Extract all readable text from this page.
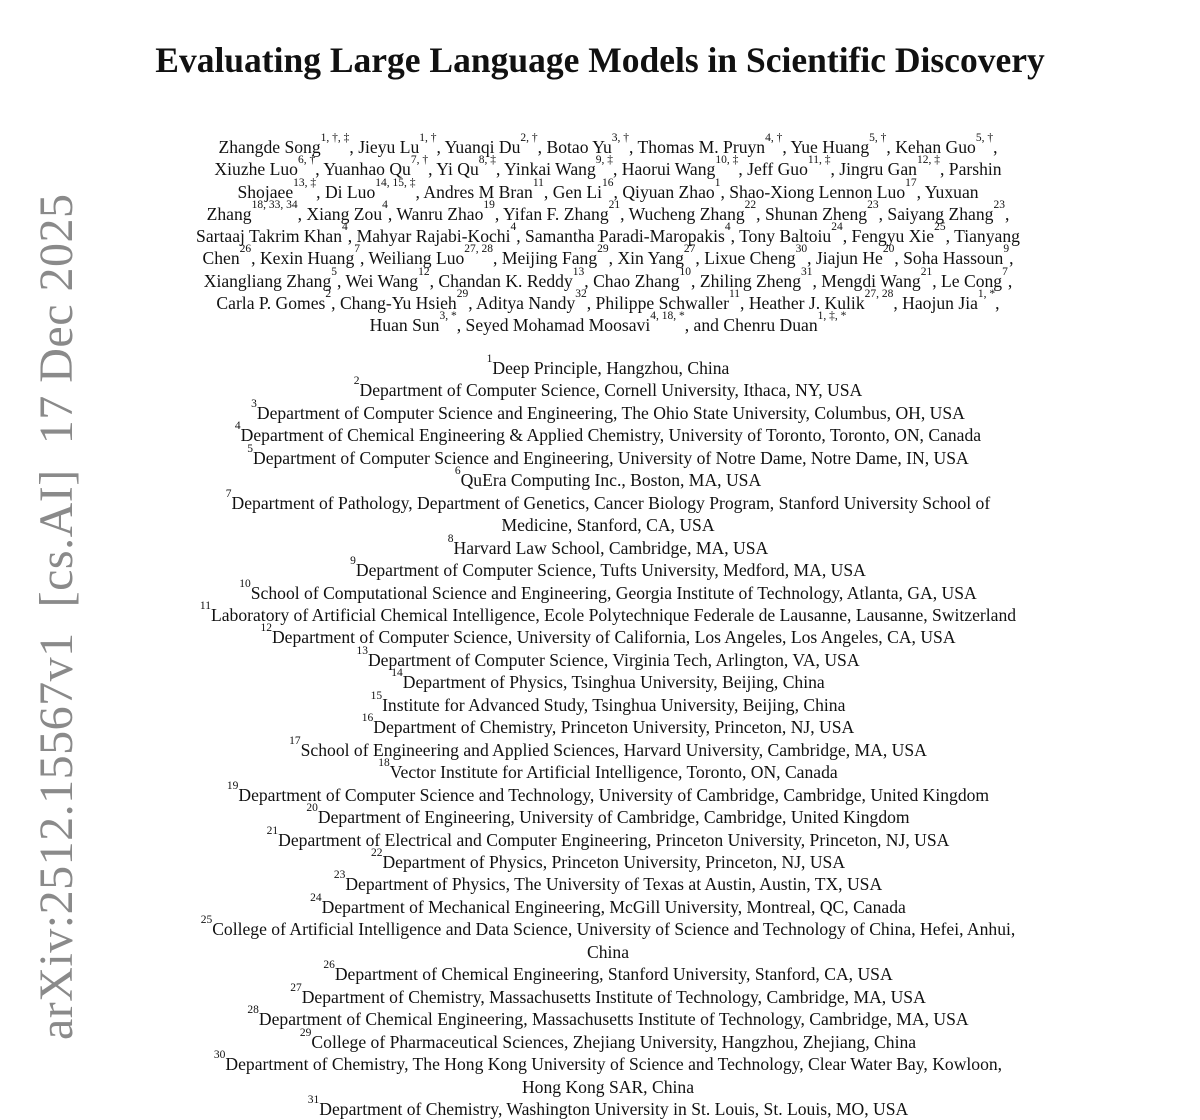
arXiv:2512.15567v1  [cs.AI]  17 Dec 2025
Evaluating Large Language Models in Scientific Discovery
Zhangde Song$^{1, \dagger, \ddagger}$, Jieyu $Lu^{1, \dagger}$, Yuanqi $Du^{2, \dagger}$, Botao $Yu^{3, \dagger}$, Thomas M. Pruyn$^{4, \dagger}$, Yue Huang$^{5, \dagger}$, Kehan Guo$^{5, \dagger}$,
Xiuzhe Luo$^{6, \dagger}$, Yuanhao $Qu^{7, \dagger}$, Yi $Qu^{8, \ddagger}$, Yinkai Wang$^{9, \ddagger}$, Haorui Wang$^{10, \ddagger}$, Jeff Guo$^{11, \ddagger}$, Jingru Gan$^{12, \ddagger}$, Parshin
Shojaee$^{13, \ddagger}$, Di Luo$^{14, 15, \ddagger}$, Andres M Bran$^{11}$, Gen Li$^{16}$, Qiyuan Zhao$^1$, Shao-Xiong Lennon Luo$^{17}$, Yuxuan
Zhang$^{18, 33, 34}$, Xiang Zou$^4$, Wanru Zhao$^{19}$, Yifan F. Zhang$^{21}$, Wucheng Zhang$^{22}$, Shunan Zheng$^{23}$, Saiyang Zhang$^{23}$,
Sartaaj Takrim Khan$^4$, Mahyar Rajabi-Kochi$^4$, Samantha Paradi-Maropakis$^4$, Tony Baltoiu$^{24}$, Fengyu Xie$^{25}$, Tianyang
Chen$^{26}$, Kexin Huang$^7$, Weiliang Luo$^{27, 28}$, Meijing Fang$^{29}$, Xin Yang$^{27}$, Lixue Cheng$^{30}$, Jiajun He$^{20}$, Soha Hassoun$^9$,
Xiangliang Zhang$^5$, Wei Wang$^{12}$, Chandan K. Reddy$^{13}$, Chao Zhang$^{10}$, Zhiling Zheng$^{31}$, Mengdi Wang$^{21}$, Le Cong$^7$,
Carla P. Gomes$^2$, Chang-Yu Hsieh$^{29}$, Aditya Nandy$^{32}$, Philippe Schwaller$^{11}$, Heather J. Kulik$^{27, 28}$, Haojun Jia$^{1, *}$,
Huan Sun$^{3, *}$, Seyed Mohamad Moosavi$^{4, 18, *}$, and Chenru Duan$^{1, \ddagger, *}$
$^1$Deep Principle, Hangzhou, China
$^2$Department of Computer Science, Cornell University, Ithaca, NY, USA
$^3$Department of Computer Science and Engineering, The Ohio State University, Columbus, OH, USA
$^4$Department of Chemical Engineering & Applied Chemistry, University of Toronto, Toronto, ON, Canada
$^5$Department of Computer Science and Engineering, University of Notre Dame, Notre Dame, IN, USA
$^6$QuEra Computing Inc., Boston, MA, USA
$^7$Department of Pathology, Department of Genetics, Cancer Biology Program, Stanford University School of
Medicine, Stanford, CA, USA
$^8$Harvard Law School, Cambridge, MA, USA
$^9$Department of Computer Science, Tufts University, Medford, MA, USA
$^{10}$School of Computational Science and Engineering, Georgia Institute of Technology, Atlanta, GA, USA
$^{11}$Laboratory of Artificial Chemical Intelligence, Ecole Polytechnique Federale de Lausanne, Lausanne, Switzerland
$^{12}$Department of Computer Science, University of California, Los Angeles, Los Angeles, CA, USA
$^{13}$Department of Computer Science, Virginia Tech, Arlington, VA, USA
$^{14}$Department of Physics, Tsinghua University, Beijing, China
$^{15}$Institute for Advanced Study, Tsinghua University, Beijing, China
$^{16}$Department of Chemistry, Princeton University, Princeton, NJ, USA
$^{17}$School of Engineering and Applied Sciences, Harvard University, Cambridge, MA, USA
$^{18}$Vector Institute for Artificial Intelligence, Toronto, ON, Canada
$^{19}$Department of Computer Science and Technology, University of Cambridge, Cambridge, United Kingdom
$^{20}$Department of Engineering, University of Cambridge, Cambridge, United Kingdom
$^{21}$Department of Electrical and Computer Engineering, Princeton University, Princeton, NJ, USA
$^{22}$Department of Physics, Princeton University, Princeton, NJ, USA
$^{23}$Department of Physics, The University of Texas at Austin, Austin, TX, USA
$^{24}$Department of Mechanical Engineering, McGill University, Montreal, QC, Canada
$^{25}$College of Artificial Intelligence and Data Science, University of Science and Technology of China, Hefei, Anhui,
China
$^{26}$Department of Chemical Engineering, Stanford University, Stanford, CA, USA
$^{27}$Department of Chemistry, Massachusetts Institute of Technology, Cambridge, MA, USA
$^{28}$Department of Chemical Engineering, Massachusetts Institute of Technology, Cambridge, MA, USA
$^{29}$College of Pharmaceutical Sciences, Zhejiang University, Hangzhou, Zhejiang, China
$^{30}$Department of Chemistry, The Hong Kong University of Science and Technology, Clear Water Bay, Kowloon,
Hong Kong SAR, China
$^{31}$Department of Chemistry, Washington University in St. Louis, St. Louis, MO, USA
